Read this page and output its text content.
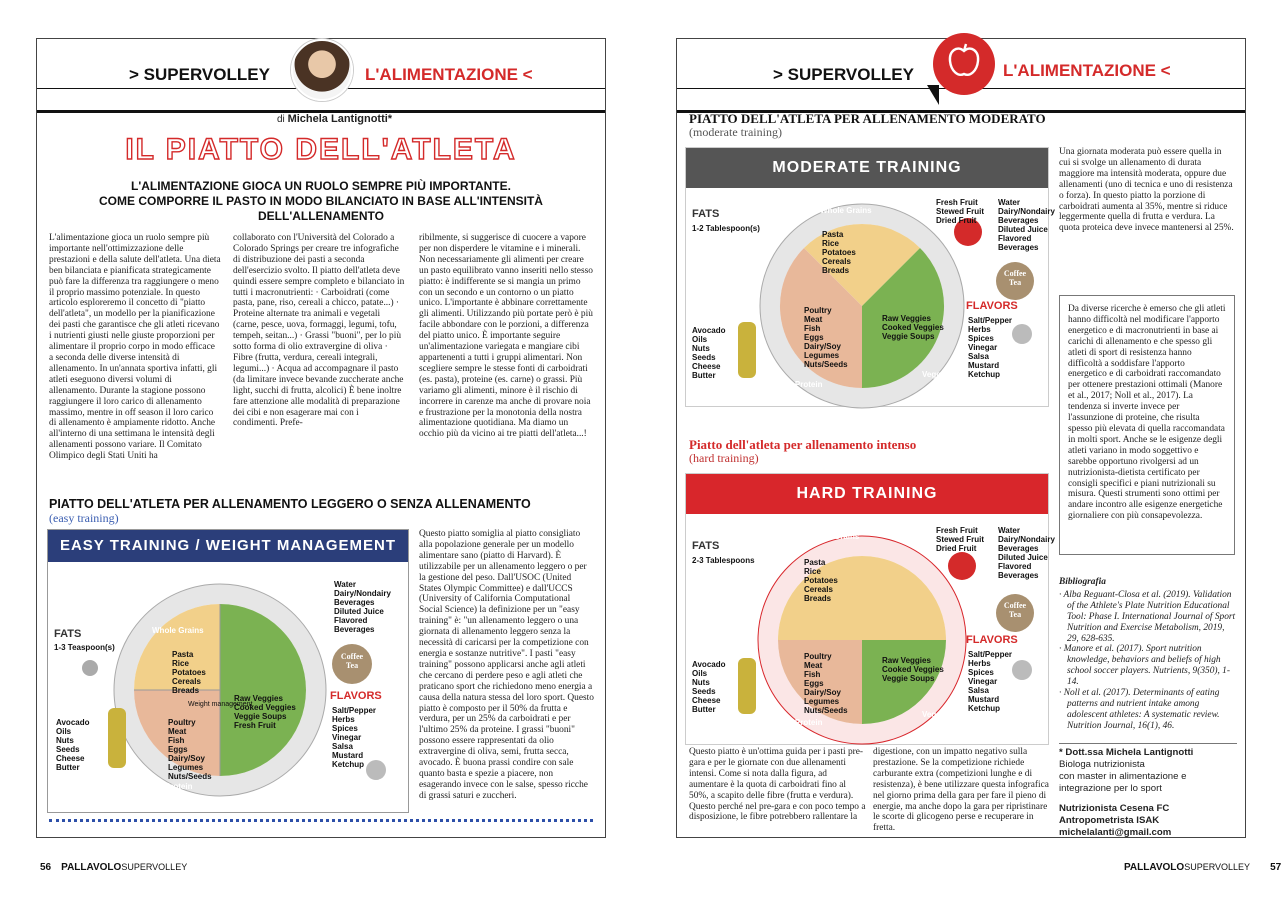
> SUPERVOLLEY	L'ALIMENTAZIONE <
di Michela Lantignotti*
IL PIATTO DELL'ATLETA
L'ALIMENTAZIONE GIOCA UN RUOLO SEMPRE PIÙ IMPORTANTE.
COME COMPORRE IL PASTO IN MODO BILANCIATO IN BASE ALL'INTENSITÀ DELL'ALLENAMENTO
L'alimentazione gioca un ruolo sempre più importante nell'ottimizzazione delle prestazioni e della salute dell'atleta. Una dieta ben bilanciata e pianificata strategicamente può fare la differenza tra raggiungere o meno il proprio massimo potenziale. In questo articolo esploreremo il concetto di "piatto dell'atleta", un modello per la pianificazione dei pasti che garantisce che gli atleti ricevano i nutrienti giusti nelle giuste proporzioni per alimentare il proprio corpo in modo efficace a seconda delle diverse intensità di allenamento. In un'annata sportiva infatti, gli atleti eseguono diversi volumi di allenamento. Durante la stagione possono raggiungere il loro carico di allenamento massimo, mentre in off season il loro carico di allenamento è ampiamente ridotto. Anche all'interno di una settimana le intensità degli allenamenti possono variare. Il Comitato Olimpico degli Stati Uniti ha
collaborato con l'Università del Colorado a Colorado Springs per creare tre infografiche di distribuzione dei pasti a seconda dell'esercizio svolto. Il piatto dell'atleta deve quindi essere sempre completo e bilanciato in tutti i macronutrienti: · Carboidrati (come pasta, pane, riso, cereali a chicco, patate...) · Proteine alternate tra animali e vegetali (carne, pesce, uova, formaggi, legumi, tofu, tempeh, seitan...) · Grassi "buoni", per lo più sotto forma di olio extravergine di oliva · Fibre (frutta, verdura, cereali integrali, legumi...) · Acqua ad accompagnare il pasto (da limitare invece bevande zuccherate anche light, succhi di frutta, alcolici) È bene inoltre fare attenzione alle modalità di preparazione dei cibi e non esagerare mai con i condimenti. Prefe-
ribilmente, si suggerisce di cuocere a vapore per non disperdere le vitamine e i minerali. Non necessariamente gli alimenti per creare un pasto equilibrato vanno inseriti nello stesso piatto: è indifferente se si mangia un primo con un secondo e un contorno o un piatto unico. L'importante è abbinare correttamente gli alimenti. Utilizzando più portate però è più facile abbondare con le porzioni, a differenza del piatto unico. È importante seguire un'alimentazione variegata e mangiare cibi appartenenti a tutti i gruppi alimentari. Non scegliere sempre le stesse fonti di carboidrati (es. pasta), proteine (es. carne) o grassi. Più variamo gli alimenti, minore è il rischio di incorrere in carenze ma anche di provare noia e frustrazione per la monotonia della nostra alimentazione quotidiana. Ma diamo un occhio più da vicino ai tre piatti dell'atleta...!
PIATTO DELL'ATLETA PER ALLENAMENTO LEGGERO O SENZA ALLENAMENTO
(easy training)
EASY TRAINING / WEIGHT MANAGEMENT
FATS
1-3 Teaspoon(s)
Pasta
Rice
Potatoes
Cereals
Breads
Whole Grains
Poultry
Meat
Fish
Eggs
Dairy/Soy
Legumes
Nuts/Seeds
Lean Protein
Raw Veggies
Cooked Veggies
Veggie Soups
Fresh Fruit
Vegetables & Fruits
Weight management
Water
Dairy/Nondairy
Beverages
Diluted Juice
Flavored
Beverages
Coffee
Tea
Avocado
Oils
Nuts
Seeds
Cheese
Butter
FLAVORS
Salt/Pepper
Herbs
Spices
Vinegar
Salsa
Mustard
Ketchup
Questo piatto somiglia al piatto consigliato alla popolazione generale per un modello alimentare sano (piatto di Harvard). È utilizzabile per un allenamento leggero o per la gestione del peso. Dall'USOC (United States Olympic Committee) e dall'UCCS (University of California Computational Social Science) la definizione per un "easy training" è: "un allenamento leggero o una giornata di allenamento leggero senza la necessità di caricarsi per la competizione con energia e sostanze nutritive". I pasti "easy training" possono applicarsi anche agli atleti che cercano di perdere peso e agli atleti che praticano sport che richiedono meno energia a causa della natura stessa del loro sport. Questo piatto è composto per il 50% da frutta e verdura, per un 25% da carboidrati e per l'ultimo 25% da proteine. I grassi "buoni" possono essere rappresentati da olio extravergine di oliva, semi, frutta secca, avocado. È buona prassi condire con sale quanto basta e spezie a piacere, non esagerando invece con le salse, spesso ricche di grassi saturi e zuccheri.
> SUPERVOLLEY	L'ALIMENTAZIONE <
PIATTO DELL'ATLETA PER ALLENAMENTO MODERATO
(moderate training)
MODERATE TRAINING
FATS
1-2 Tablespoon(s)
Pasta
Rice
Potatoes
Cereals
Breads
Whole Grains
Poultry
Meat
Fish
Eggs
Dairy/Soy
Legumes
Nuts/Seeds
Lean Protein
Raw Veggies
Cooked Veggies
Veggie Soups
Vegetables
Fresh Fruit
Stewed Fruit
Dried Fruit
Water
Dairy/Nondairy
Beverages
Diluted Juice
Flavored
Beverages
Coffee
Tea
Avocado
Oils
Nuts
Seeds
Cheese
Butter
FLAVORS
Salt/Pepper
Herbs
Spices
Vinegar
Salsa
Mustard
Ketchup
Una giornata moderata può essere quella in cui si svolge un allenamento di durata maggiore ma intensità moderata, oppure due allenamenti (uno di tecnica e uno di resistenza o forza). In questo piatto la porzione di carboidrati aumenta al 35%, mentre si riduce leggermente quella di frutta e verdura. La quota proteica deve invece mantenersi al 25%.
Da diverse ricerche è emerso che gli atleti hanno difficoltà nel modificare l'apporto energetico e di macronutrienti in base ai carichi di allenamento e che spesso gli atleti di sport di resistenza hanno difficoltà a soddisfare l'apporto energetico e di carboidrati raccomandato per ottenere prestazioni ottimali (Manore et al., 2017; Noll et al., 2017). La tendenza si inverte invece per l'assunzione di proteine, che risulta spesso più elevata di quella raccomandata in molti sport. Anche se le esigenze degli atleti variano in modo soggettivo e sarebbe opportuno rivolgersi ad un nutrizionista-dietista certificato per consigli specifici e piani nutrizionali su misura. Questi strumenti sono ottimi per andare incontro alle esigenze energetiche giornaliere con più consapevolezza.
Piatto dell'atleta per allenamento intenso
(hard training)
HARD TRAINING
FATS
2-3 Tablespoons	Pasta
Rice
Potatoes
Cereals
Breads
Grains
Poultry
Meat
Fish
Eggs
Dairy/Soy
Legumes
Nuts/Seeds
Lean Protein
Raw Veggies
Cooked Veggies
Veggie Soups
Vegetables
Fresh Fruit
Stewed Fruit
Dried Fruit
Water
Dairy/Nondairy
Beverages
Diluted Juice
Flavored
Beverages
Coffee
Tea
Avocado
Oils
Nuts
Seeds
Cheese
Butter
FLAVORS
Salt/Pepper
Herbs
Spices
Vinegar
Salsa
Mustard
Ketchup
Questo piatto è un'ottima guida per i pasti pre-gara e per le giornate con due allenamenti intensi. Come si nota dalla figura, ad aumentare è la quota di carboidrati fino al 50%, a scapito delle fibre (frutta e verdura). Questo perché nel pre-gara e con poco tempo a disposizione, le fibre potrebbero rallentare la
digestione, con un impatto negativo sulla prestazione. Se la competizione richiede carburante extra (competizioni lunghe e di resistenza), è bene utilizzare questa infografica nel giorno prima della gara per fare il pieno di energie, ma anche dopo la gara per ripristinare le scorte di glicogeno perse e recuperare in fretta.
Bibliografia
· Alba Reguant-Closa et al. (2019). Validation of the Athlete's Plate Nutrition Educational Tool: Phase I. International Journal of Sport Nutrition and Exercise Metabolism, 2019, 29, 628-635.
· Manore et al. (2017). Sport nutrition knowledge, behaviors and beliefs of high school soccer players. Nutrients, 9(350), 1-14.
· Noll et al. (2017). Determinants of eating patterns and nutrient intake among adolescent athletes: A systematic review. Nutrition Journal, 16(1), 46.
* Dott.ssa Michela Lantignotti
Biologa nutrizionista
con master in alimentazione e
integrazione per lo sport
Nutrizionista Cesena FC
Antropometrista ISAK
michelalanti@gmail.com
56 PALLAVOLOSUPERVOLLEY	PALLAVOLOSUPERVOLLEY 57
